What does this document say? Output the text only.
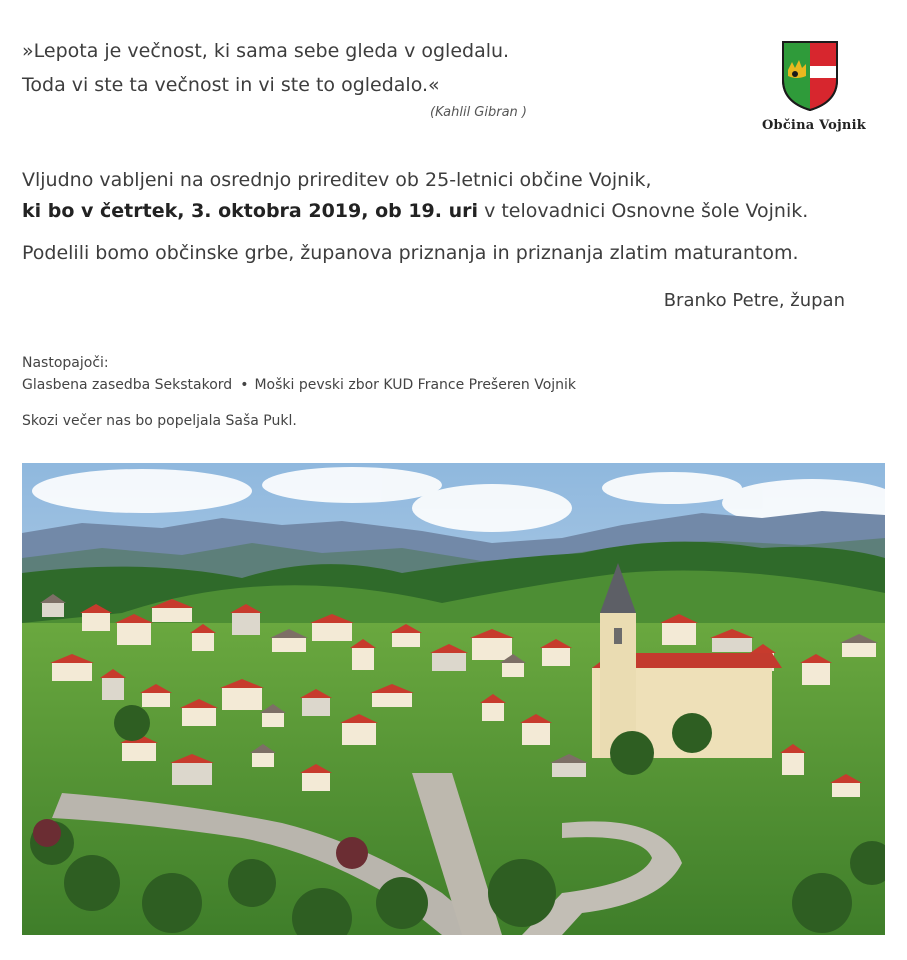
»Lepota je večnost, ki sama sebe gleda v ogledalu.
Toda vi ste ta večnost in vi ste to ogledalo.«
(Kahlil Gibran )
Občina Vojnik
Vljudno vabljeni na osrednjo prireditev ob 25-letnici občine Vojnik,
ki bo v četrtek, 3. oktobra 2019, ob 19. uri v telovadnici Osnovne šole Vojnik.
Podelili bomo občinske grbe, županova priznanja in priznanja zlatim maturantom.
Branko Petre, župan
Nastopajoči:
Glasbena zasedba Sekstakord • Moški pevski zbor KUD France Prešeren Vojnik
Skozi večer nas bo popeljala Saša Pukl.
